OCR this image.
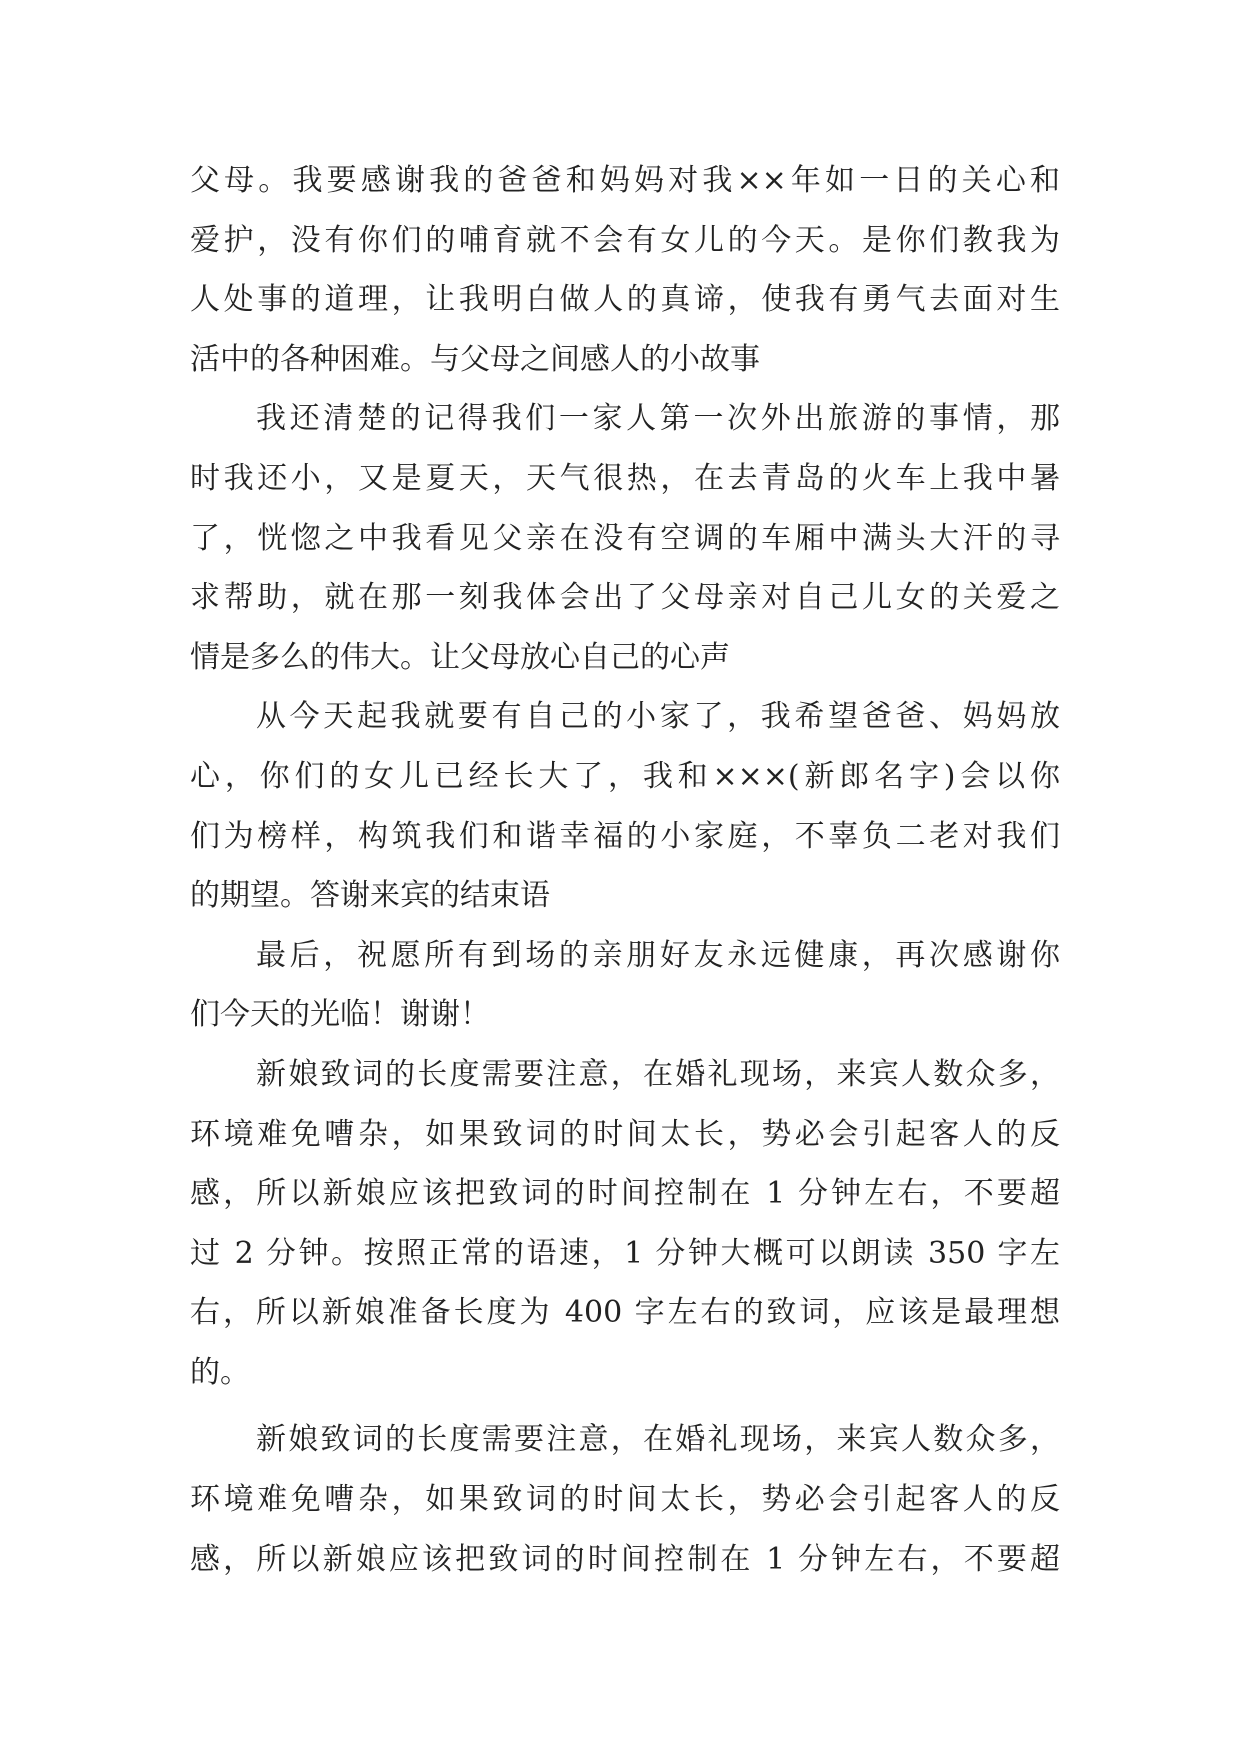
父母。我要感谢我的爸爸和妈妈对我××年如一日的关心和
爱护，没有你们的哺育就不会有女儿的今天。是你们教我为
人处事的道理，让我明白做人的真谛，使我有勇气去面对生
活中的各种困难。与父母之间感人的小故事
我还清楚的记得我们一家人第一次外出旅游的事情，那
时我还小，又是夏天，天气很热，在去青岛的火车上我中暑
了，恍惚之中我看见父亲在没有空调的车厢中满头大汗的寻
求帮助，就在那一刻我体会出了父母亲对自己儿女的关爱之
情是多么的伟大。让父母放心自己的心声
从今天起我就要有自己的小家了，我希望爸爸、妈妈放
心，你们的女儿已经长大了，我和×××(新郎名字)会以你
们为榜样，构筑我们和谐幸福的小家庭，不辜负二老对我们
的期望。答谢来宾的结束语
最后，祝愿所有到场的亲朋好友永远健康，再次感谢你
们今天的光临！谢谢！
新娘致词的长度需要注意，在婚礼现场，来宾人数众多，
环境难免嘈杂，如果致词的时间太长，势必会引起客人的反
感，所以新娘应该把致词的时间控制在 1 分钟左右，不要超
过 2 分钟。按照正常的语速，1 分钟大概可以朗读 350 字左
右，所以新娘准备长度为 400 字左右的致词，应该是最理想
的。
新娘致词的长度需要注意，在婚礼现场，来宾人数众多，
环境难免嘈杂，如果致词的时间太长，势必会引起客人的反
感，所以新娘应该把致词的时间控制在 1 分钟左右，不要超
